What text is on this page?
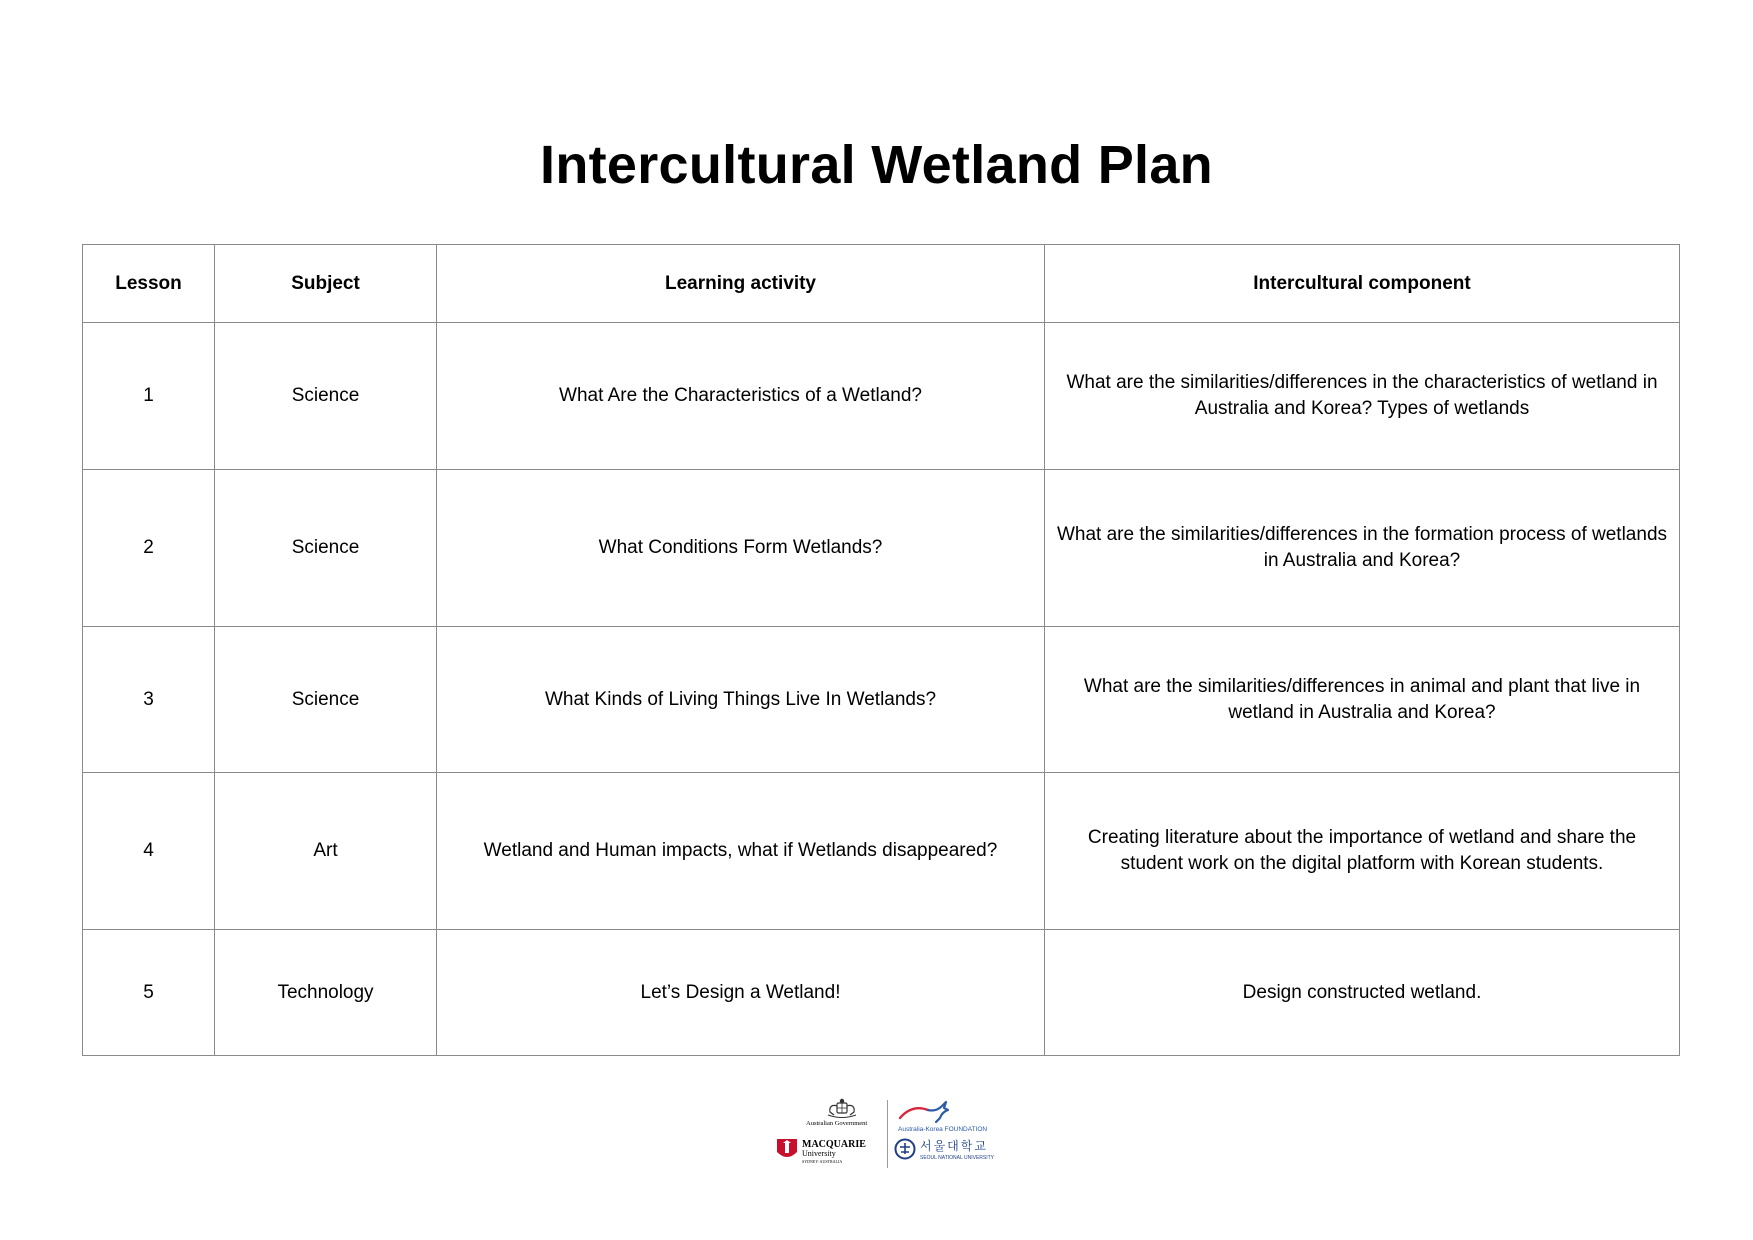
Intercultural Wetland Plan
Lesson	Subject	Learning activity	Intercultural component
1	Science	What Are the Characteristics of a Wetland?	What are the similarities/differences in the characteristics of wetland in Australia and Korea? Types of wetlands
2	Science	What Conditions Form Wetlands?	What are the similarities/differences in the formation process of wetlands in Australia and Korea?
3	Science	What Kinds of Living Things Live In Wetlands?	What are the similarities/differences in animal and plant that live in wetland in Australia and Korea?
4	Art	Wetland and Human impacts, what if Wetlands disappeared?	Creating literature about the importance of wetland and share the student work on the digital platform with Korean students.
5	Technology	Let’s Design a Wetland!	Design constructed wetland.
Australian Government
MACQUARIE
University
SYDNEY·AUSTRALIA
Australia-Korea FOUNDATION
서울대학교
SEOUL NATIONAL UNIVERSITY
